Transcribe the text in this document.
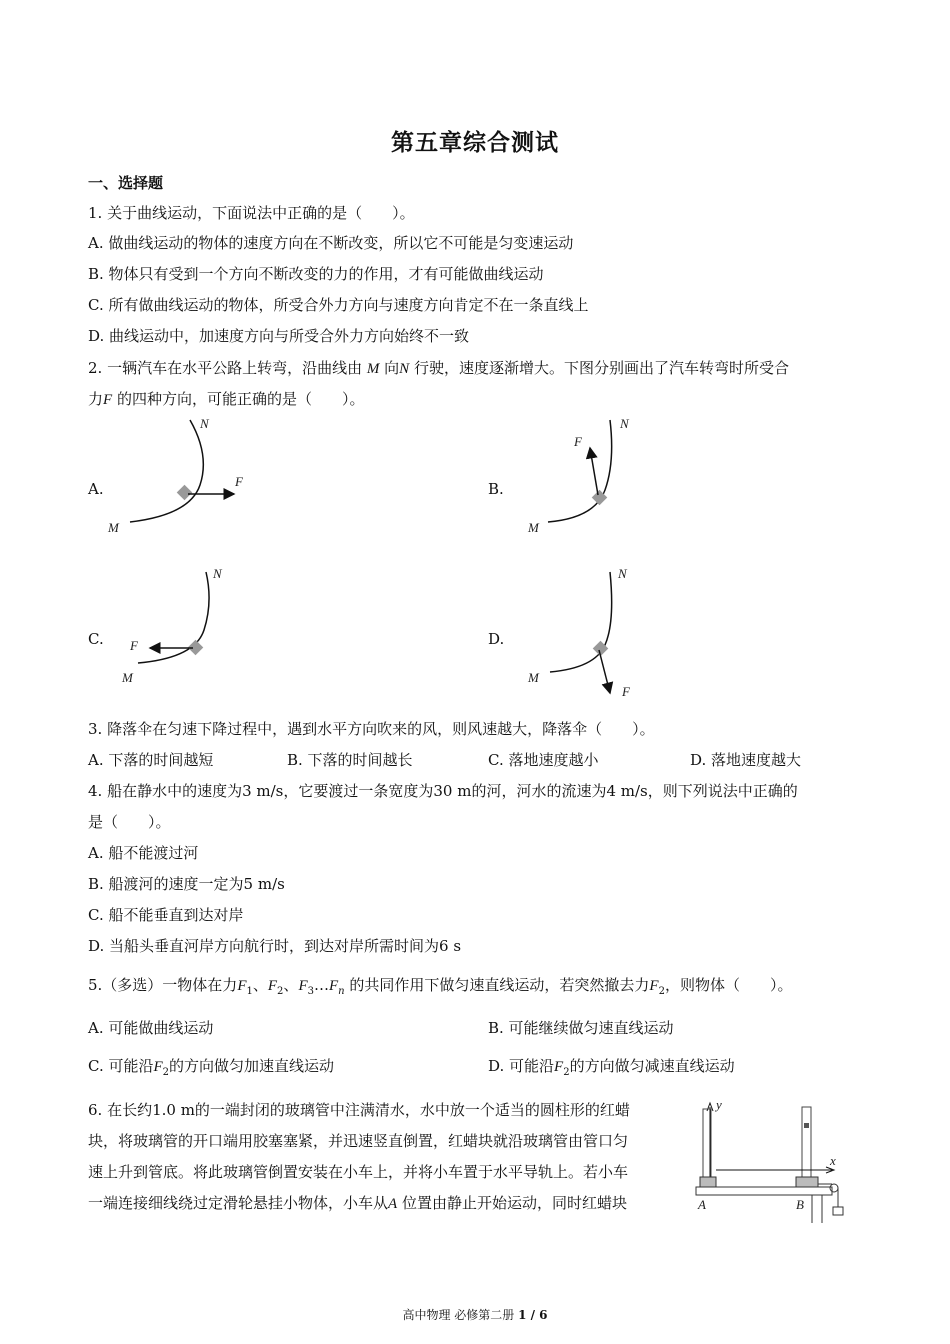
第五章综合测试
一、选择题
1. 关于曲线运动，下面说法中正确的是（　　）。
A. 做曲线运动的物体的速度方向在不断改变，所以它不可能是匀变速运动
B. 物体只有受到一个方向不断改变的力的作用，才有可能做曲线运动
C. 所有做曲线运动的物体，所受合外力方向与速度方向肯定不在一条直线上
D. 曲线运动中，加速度方向与所受合外力方向始终不一致
2. 一辆汽车在水平公路上转弯，沿曲线由 M 向N 行驶，速度逐渐增大。下图分别画出了汽车转弯时所受合
力F 的四种方向，可能正确的是（　　）。
A.	B.
C.	D.
N
F
M
N
F
M
N
F
M
N
F
M
3. 降落伞在匀速下降过程中，遇到水平方向吹来的风，则风速越大，降落伞（　　）。
A. 下落的时间越短	B. 下落的时间越长	C. 落地速度越小	D. 落地速度越大
4. 船在静水中的速度为3 m/s，它要渡过一条宽度为30 m的河，河水的流速为4 m/s，则下列说法中正确的
是（　　）。
A. 船不能渡过河
B. 船渡河的速度一定为5 m/s
C. 船不能垂直到达对岸
D. 当船头垂直河岸方向航行时，到达对岸所需时间为6 s
5.（多选）一物体在力$F_1$、$F_2$、$F_3\dots F_n$ 的共同作用下做匀速直线运动，若突然撤去力$F_2$，则物体（　　）。
A. 可能做曲线运动	B. 可能继续做匀速直线运动
C. 可能沿$F_2$的方向做匀加速直线运动	D. 可能沿$F_2$的方向做匀减速直线运动
6. 在长约1.0 m的一端封闭的玻璃管中注满清水，水中放一个适当的圆柱形的红蜡
块，将玻璃管的开口端用胶塞塞紧，并迅速竖直倒置，红蜡块就沿玻璃管由管口匀
速上升到管底。将此玻璃管倒置安装在小车上，并将小车置于水平导轨上。若小车
一端连接细线绕过定滑轮悬挂小物体，小车从A 位置由静止开始运动，同时红蜡块
y
x
A	B
高中物理 必修第二册 1 / 6
